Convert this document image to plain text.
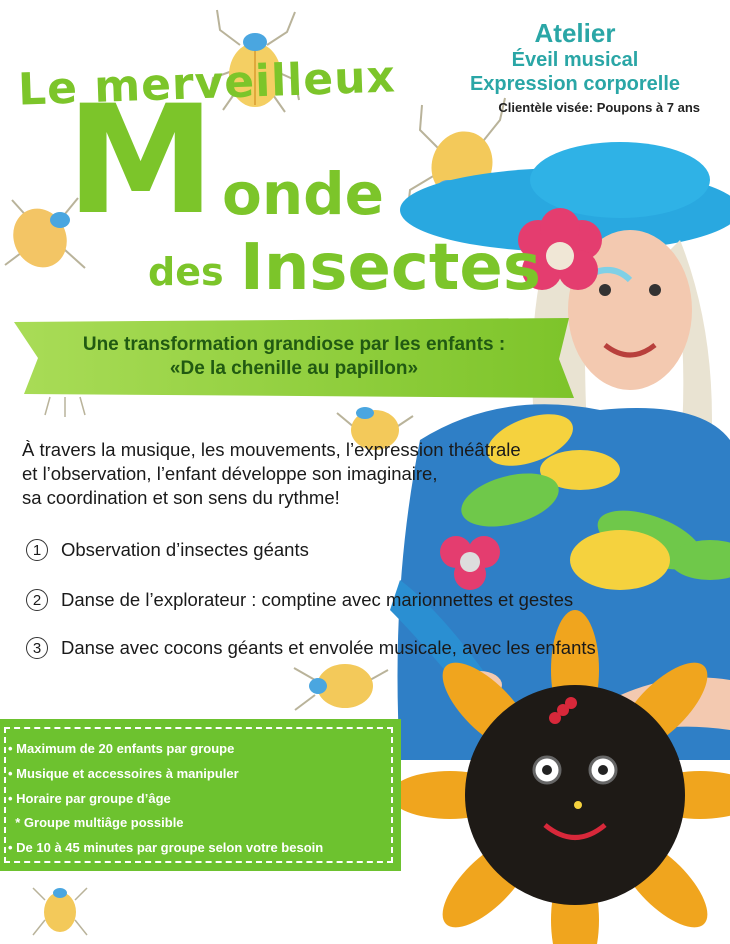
Le merveilleux
M onde
des Insectes
Atelier
Éveil musical
Expression corporelle
Clientèle visée: Poupons à 7 ans
Une transformation grandiose par les enfants :
«De la chenille au papillon»
À travers la musique, les mouvements, l’expression théâtrale
et l’observation, l’enfant développe son imaginaire,
sa coordination et son sens du rythme!
1	Observation d’insectes géants
2	Danse de l’explorateur : comptine avec marionnettes et gestes
3	Danse avec cocons géants et envolée musicale, avec les enfants
• Maximum de 20 enfants par groupe
• Musique et accessoires à manipuler
• Horaire par groupe d’âge
* Groupe multiâge possible
• De 10 à 45 minutes par groupe selon votre besoin
